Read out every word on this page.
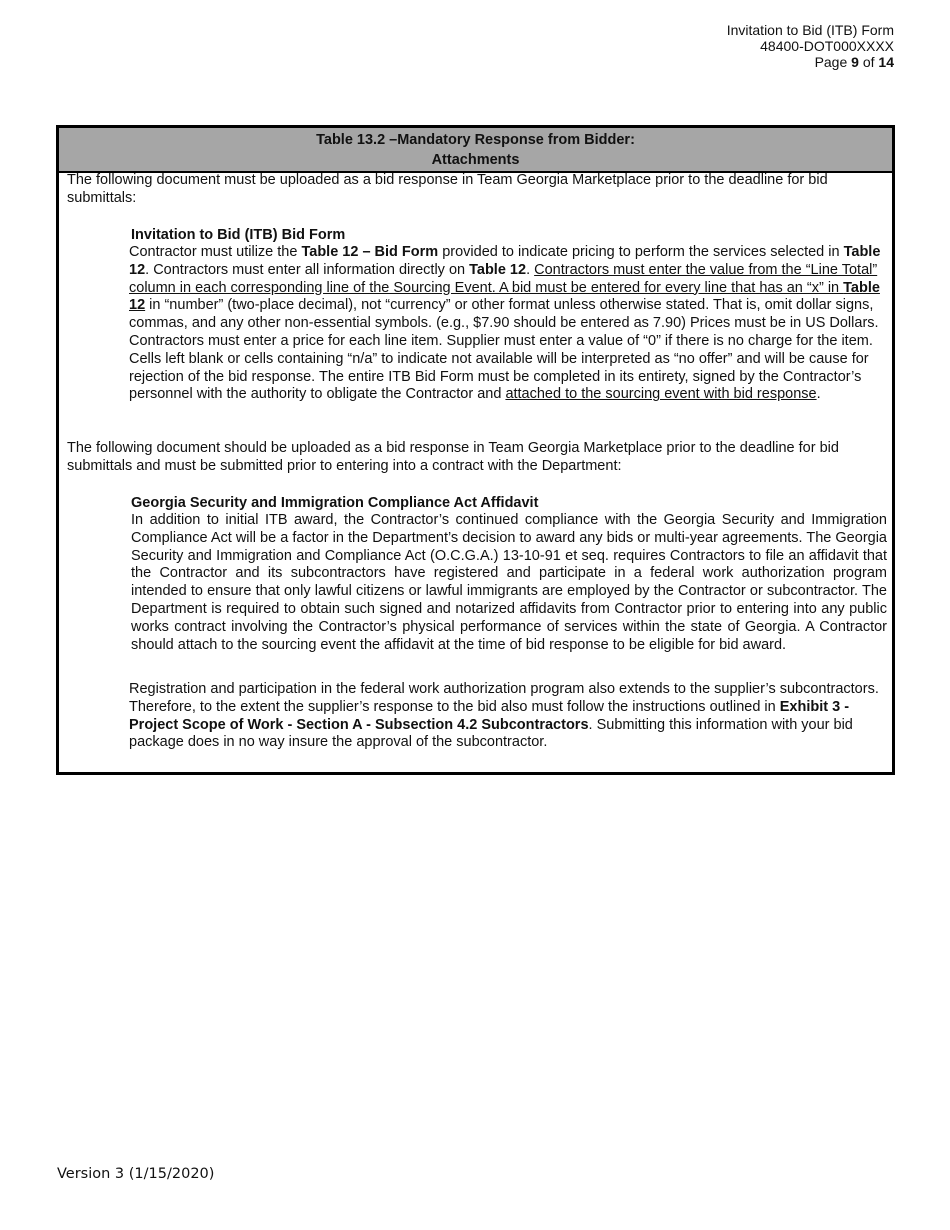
Invitation to Bid (ITB) Form
48400-DOT000XXXX
Page 9 of 14
Table 13.2 –Mandatory Response from Bidder:
Attachments
The following document must be uploaded as a bid response in Team Georgia Marketplace prior to the deadline for bid submittals:
Invitation to Bid (ITB) Bid Form
Contractor must utilize the Table 12 – Bid Form provided to indicate pricing to perform the services selected in Table 12. Contractors must enter all information directly on Table 12. Contractors must enter the value from the “Line Total” column in each corresponding line of the Sourcing Event. A bid must be entered for every line that has an “x” in Table 12 in “number” (two-place decimal), not “currency” or other format unless otherwise stated. That is, omit dollar signs, commas, and any other non-essential symbols. (e.g., $7.90 should be entered as 7.90) Prices must be in US Dollars. Contractors must enter a price for each line item. Supplier must enter a value of “0” if there is no charge for the item. Cells left blank or cells containing “n/a” to indicate not available will be interpreted as “no offer” and will be cause for rejection of the bid response. The entire ITB Bid Form must be completed in its entirety, signed by the Contractor’s personnel with the authority to obligate the Contractor and attached to the sourcing event with bid response.
The following document should be uploaded as a bid response in Team Georgia Marketplace prior to the deadline for bid submittals and must be submitted prior to entering into a contract with the Department:
Georgia Security and Immigration Compliance Act Affidavit
In addition to initial ITB award, the Contractor’s continued compliance with the Georgia Security and Immigration Compliance Act will be a factor in the Department’s decision to award any bids or multi-year agreements. The Georgia Security and Immigration and Compliance Act (O.C.G.A.) 13-10-91 et seq. requires Contractors to file an affidavit that the Contractor and its subcontractors have registered and participate in a federal work authorization program intended to ensure that only lawful citizens or lawful immigrants are employed by the Contractor or subcontractor. The Department is required to obtain such signed and notarized affidavits from Contractor prior to entering into any public works contract involving the Contractor’s physical performance of services within the state of Georgia. A Contractor should attach to the sourcing event the affidavit at the time of bid response to be eligible for bid award.
Registration and participation in the federal work authorization program also extends to the supplier’s subcontractors. Therefore, to the extent the supplier’s response to the bid also must follow the instructions outlined in Exhibit 3 - Project Scope of Work - Section A - Subsection 4.2 Subcontractors. Submitting this information with your bid package does in no way insure the approval of the subcontractor.
Version 3 (1/15/2020)
